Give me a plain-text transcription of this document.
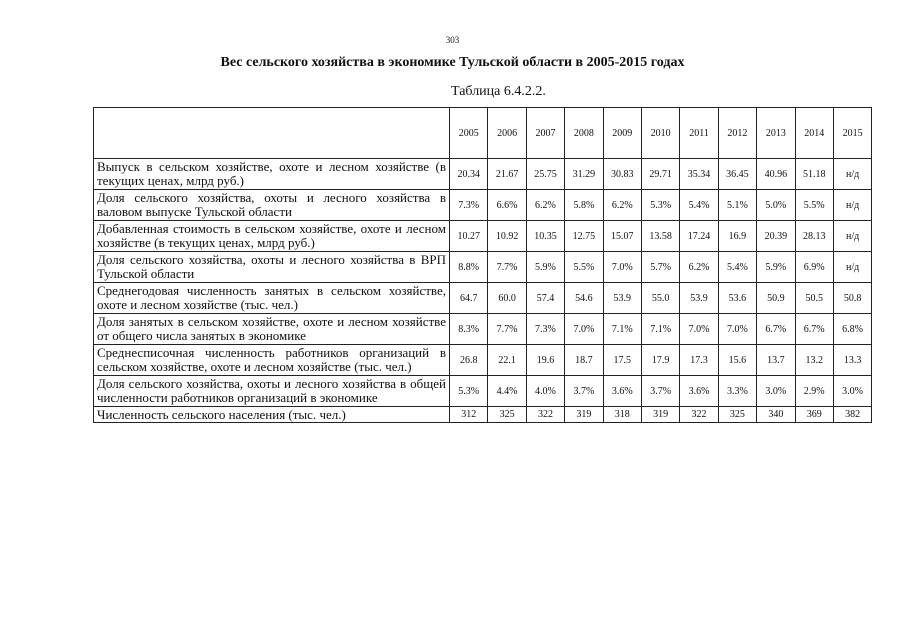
303
Вес сельского хозяйства в экономике Тульской области в 2005-2015 годах
Таблица 6.4.2.2.
	2005	2006	2007	2008	2009	2010	2011	2012	2013	2014	2015
Выпуск в сельском хозяйстве, охоте и лесном хозяйстве (в текущих ценах, млрд руб.)	20.34	21.67	25.75	31.29	30.83	29.71	35.34	36.45	40.96	51.18	н/д
Доля сельского хозяйства, охоты и лесного хозяйства в валовом выпуске Тульской области	7.3%	6.6%	6.2%	5.8%	6.2%	5.3%	5.4%	5.1%	5.0%	5.5%	н/д
Добавленная стоимость в сельском хозяйстве, охоте и лесном хозяйстве (в текущих ценах, млрд руб.)	10.27	10.92	10.35	12.75	15.07	13.58	17.24	16.9	20.39	28.13	н/д
Доля сельского хозяйства, охоты и лесного хозяйства в ВРП Тульской области	8.8%	7.7%	5.9%	5.5%	7.0%	5.7%	6.2%	5.4%	5.9%	6.9%	н/д
Среднегодовая численность занятых в сельском хозяйстве, охоте и лесном хозяйстве (тыс. чел.)	64.7	60.0	57.4	54.6	53.9	55.0	53.9	53.6	50.9	50.5	50.8
Доля занятых в сельском хозяйстве, охоте и лесном хозяйстве от общего числа занятых в экономике	8.3%	7.7%	7.3%	7.0%	7.1%	7.1%	7.0%	7.0%	6.7%	6.7%	6.8%
Среднесписочная численность работников организаций в сельском хозяйстве, охоте и лесном хозяйстве (тыс. чел.)	26.8	22.1	19.6	18.7	17.5	17.9	17.3	15.6	13.7	13.2	13.3
Доля сельского хозяйства, охоты и лесного хозяйства в общей численности работников организаций в экономике	5.3%	4.4%	4.0%	3.7%	3.6%	3.7%	3.6%	3.3%	3.0%	2.9%	3.0%
Численность сельского населения (тыс. чел.)	312	325	322	319	318	319	322	325	340	369	382
